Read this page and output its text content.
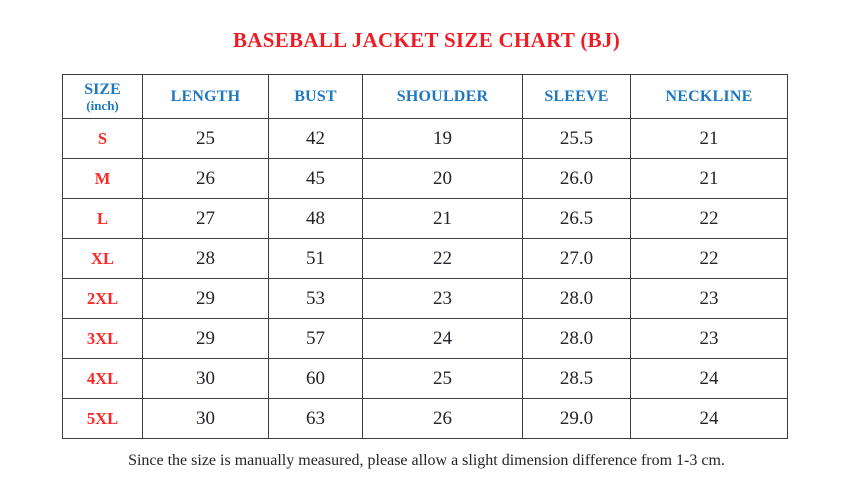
BASEBALL JACKET SIZE CHART (BJ)
SIZE
(inch)	LENGTH	BUST	SHOULDER	SLEEVE	NECKLINE
S	25	42	19	25.5	21
M	26	45	20	26.0	21
L	27	48	21	26.5	22
XL	28	51	22	27.0	22
2XL	29	53	23	28.0	23
3XL	29	57	24	28.0	23
4XL	30	60	25	28.5	24
5XL	30	63	26	29.0	24

Since the size is manually measured, please allow a slight dimension difference from 1-3 cm.
